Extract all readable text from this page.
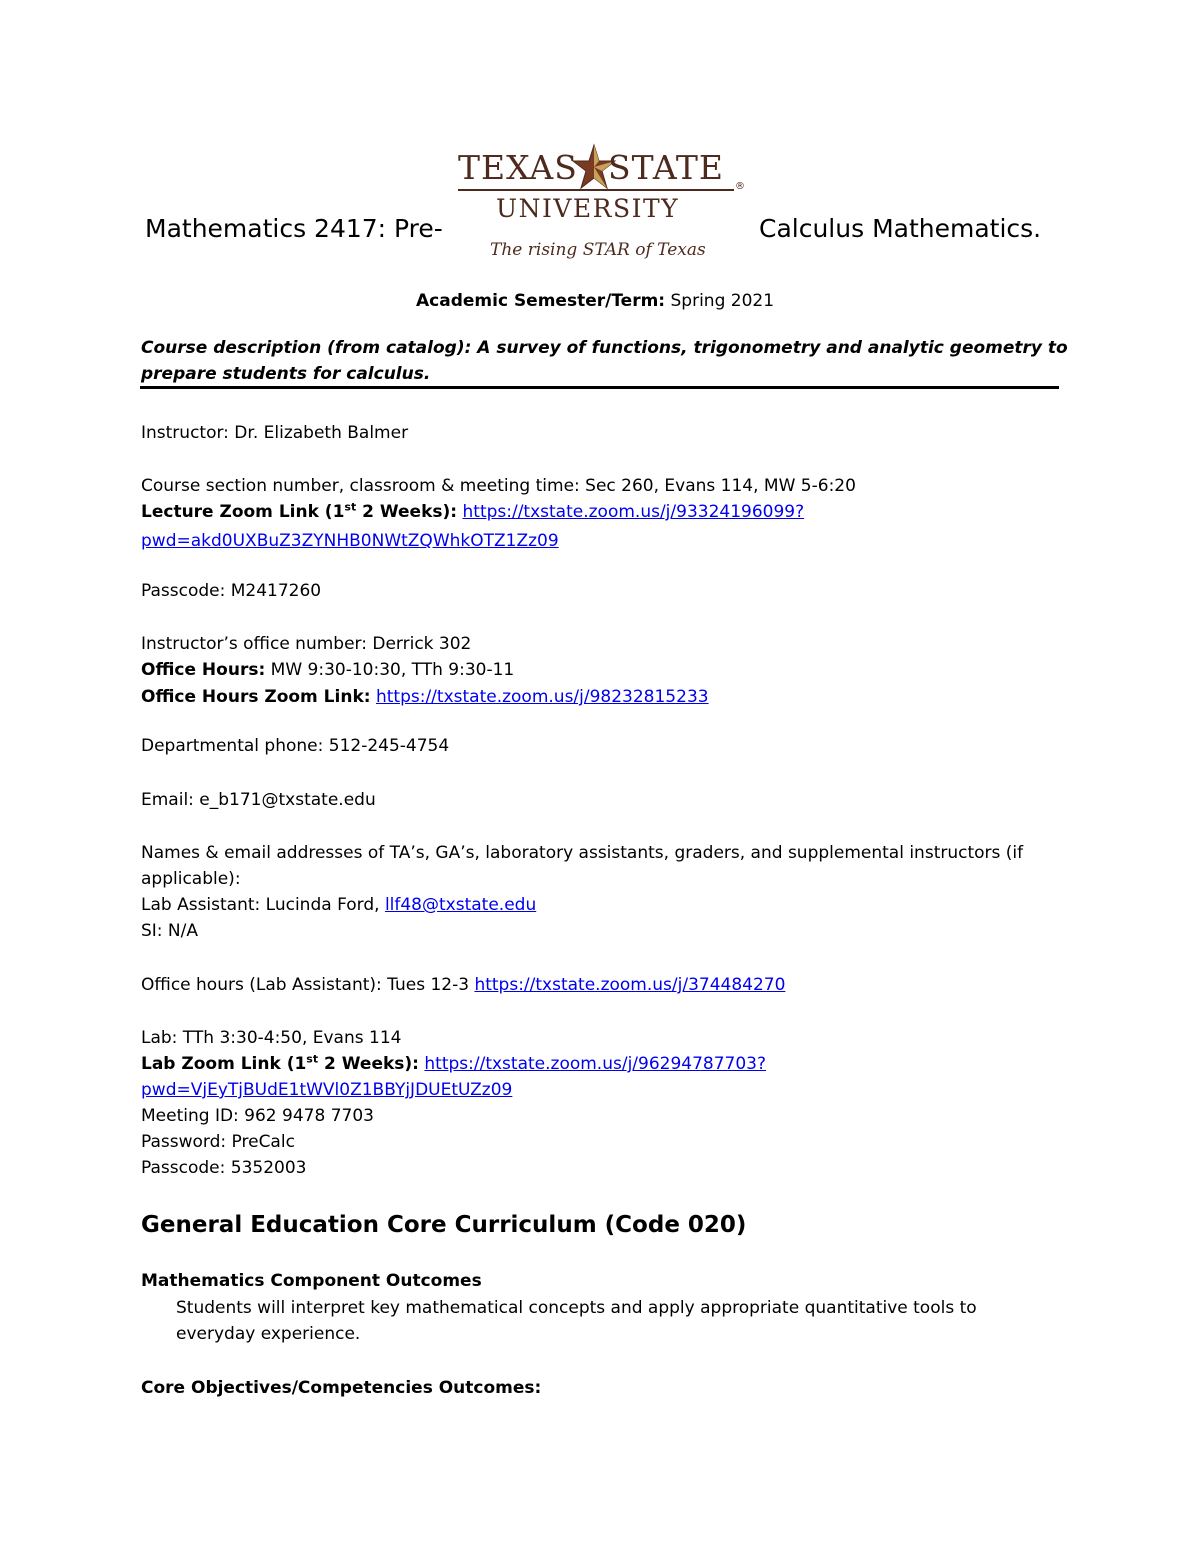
Mathematics 2417: Pre-
TEXAS STATE ®
UNIVERSITY
The rising STAR of Texas
Calculus Mathematics.
Academic Semester/Term: Spring 2021
Course description (from catalog): A survey of functions, trigonometry and analytic geometry to
prepare students for calculus.
Instructor: Dr. Elizabeth Balmer
Course section number, classroom & meeting time: Sec 260, Evans 114, MW 5-6:20
Lecture Zoom Link (1st 2 Weeks): https://txstate.zoom.us/j/93324196099?
pwd=akd0UXBuZ3ZYNHB0NWtZQWhkOTZ1Zz09
Passcode: M2417260
Instructor’s office number: Derrick 302
Office Hours: MW 9:30-10:30, TTh 9:30-11
Office Hours Zoom Link: https://txstate.zoom.us/j/98232815233
Departmental phone: 512-245-4754
Email: e_b171@txstate.edu
Names & email addresses of TA’s, GA’s, laboratory assistants, graders, and supplemental instructors (if
applicable):
Lab Assistant: Lucinda Ford, llf48@txstate.edu
SI: N/A
Office hours (Lab Assistant): Tues 12-3 https://txstate.zoom.us/j/374484270
Lab: TTh 3:30-4:50, Evans 114
Lab Zoom Link (1st 2 Weeks): https://txstate.zoom.us/j/96294787703?
pwd=VjEyTjBUdE1tWVl0Z1BBYjJDUEtUZz09
Meeting ID: 962 9478 7703
Password: PreCalc
Passcode: 5352003
General Education Core Curriculum (Code 020)
Mathematics Component Outcomes
Students will interpret key mathematical concepts and apply appropriate quantitative tools to
everyday experience.
Core Objectives/Competencies Outcomes:
